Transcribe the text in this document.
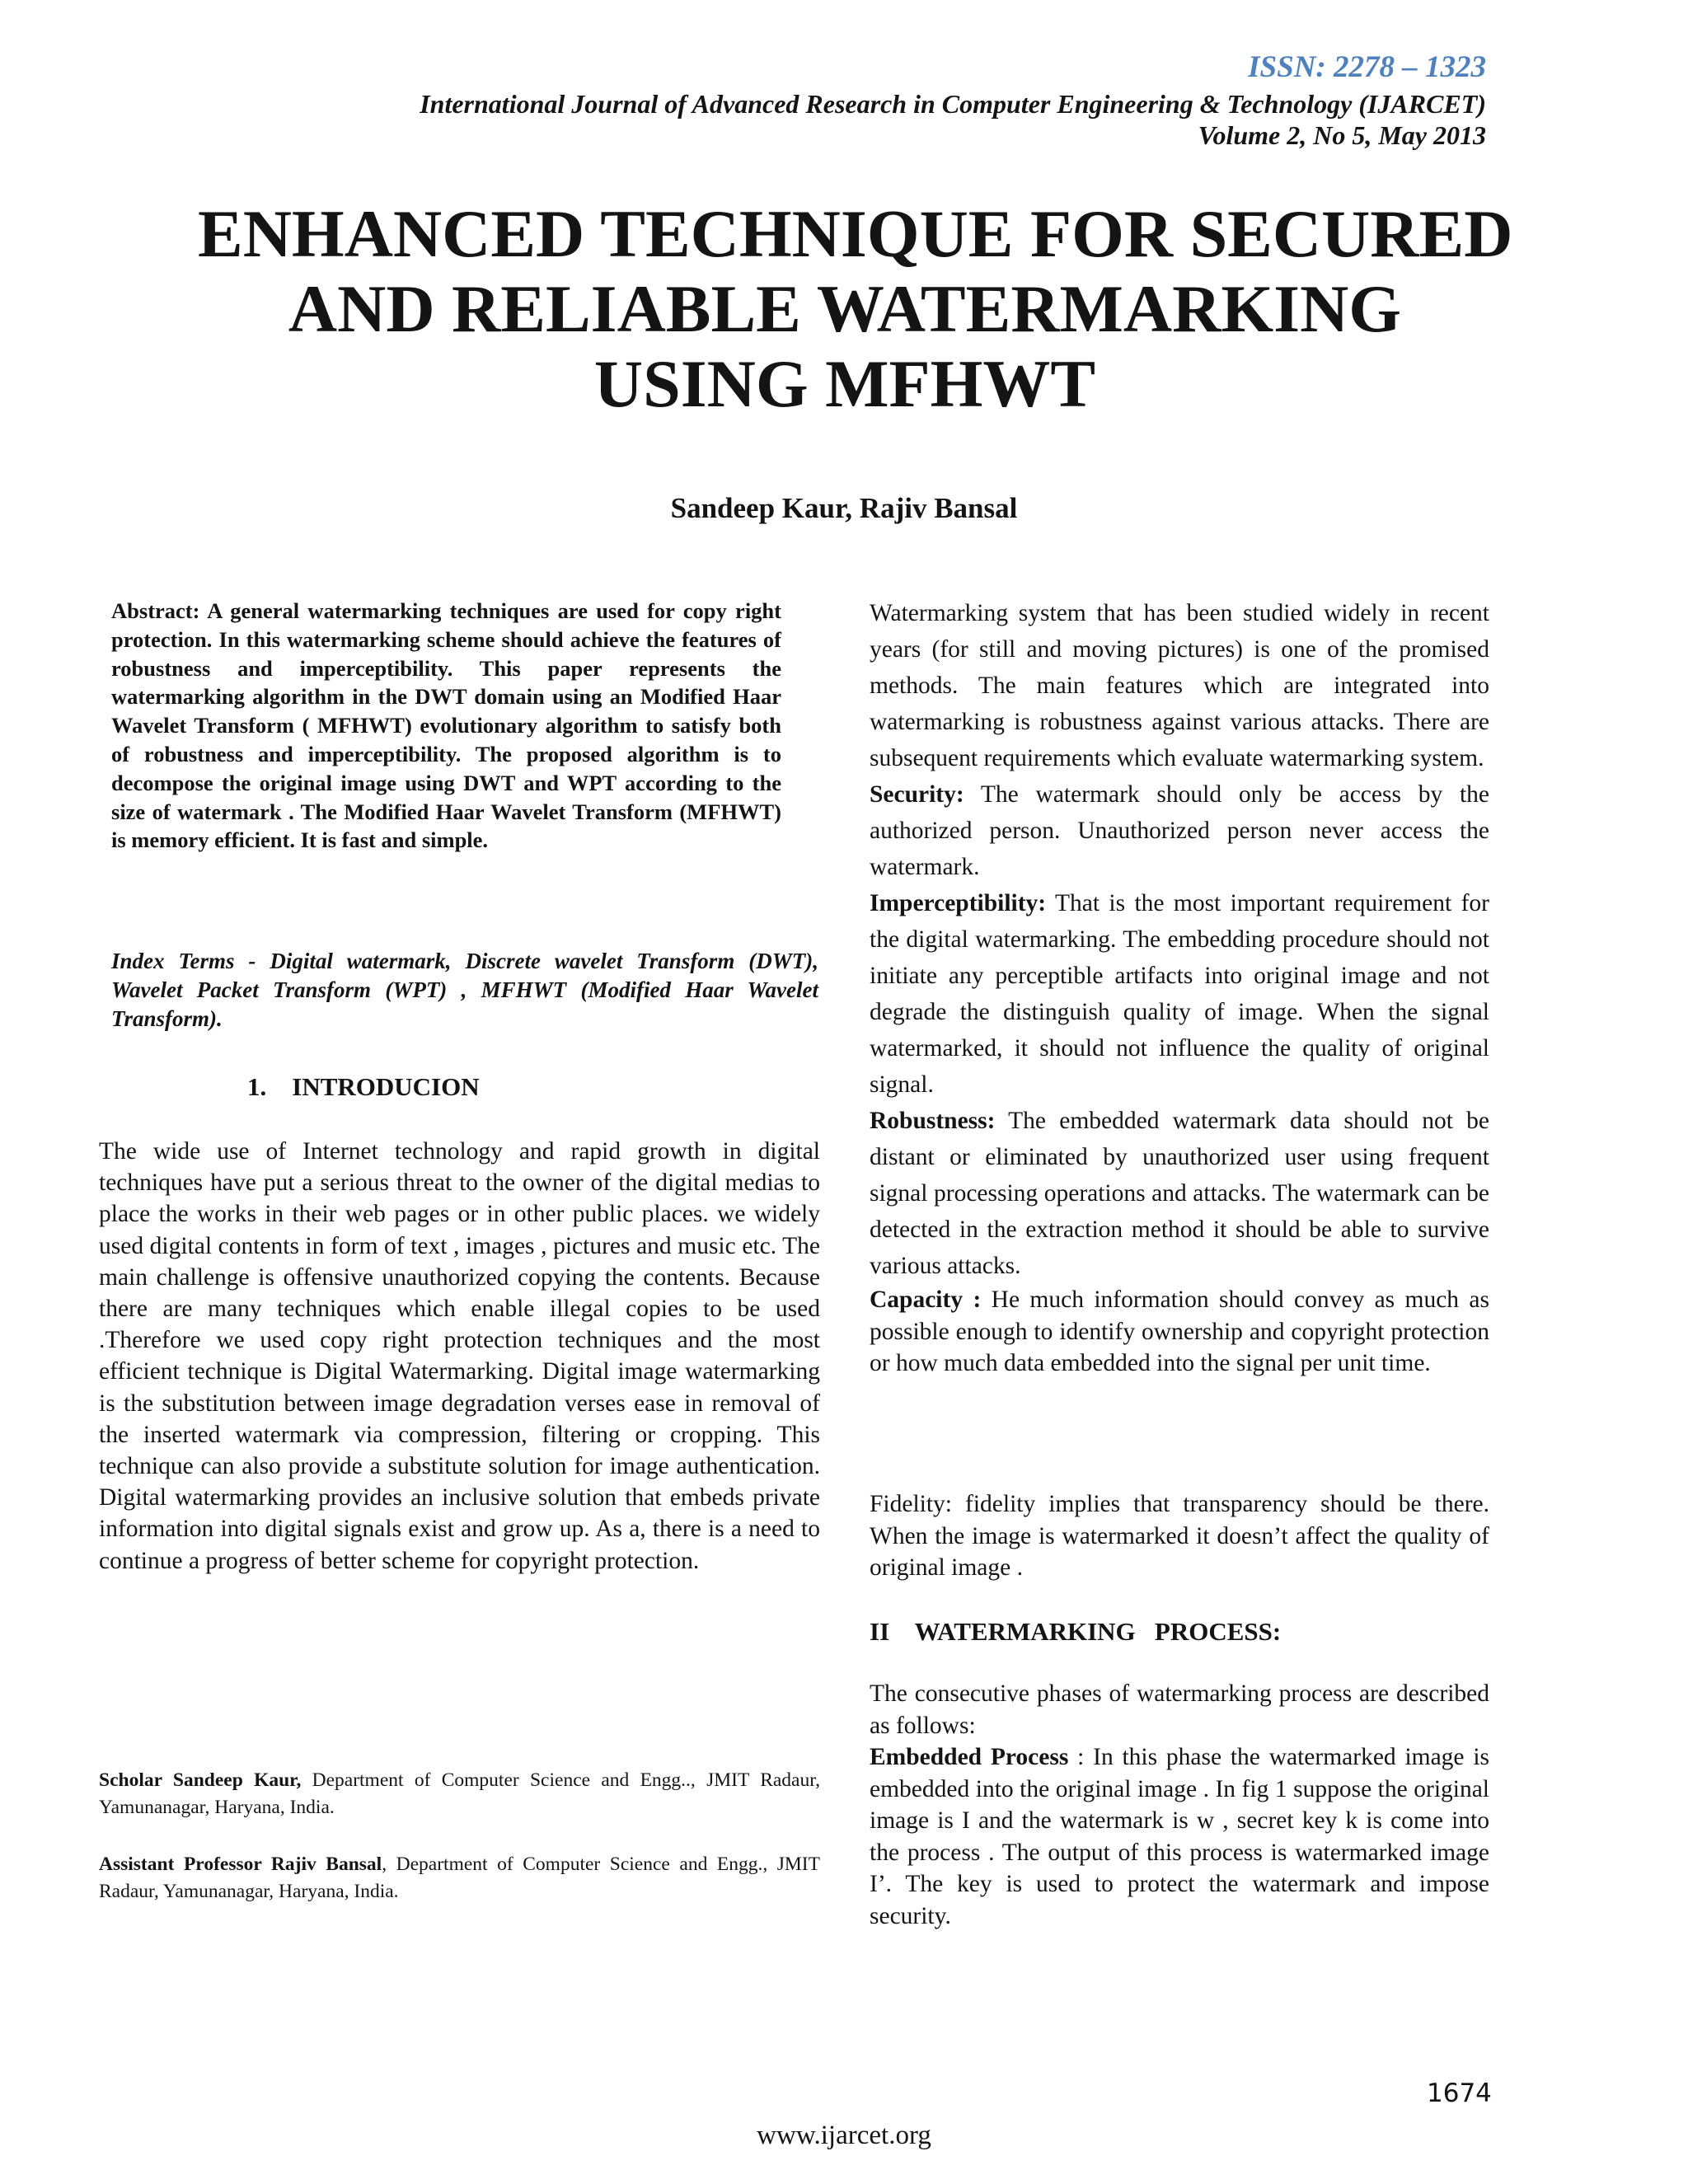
ISSN: 2278 – 1323
International Journal of Advanced Research in Computer Engineering & Technology (IJARCET)
Volume 2, No 5, May 2013
ENHANCED TECHNIQUE FOR SECURED
AND RELIABLE WATERMARKING
USING MFHWT
Sandeep Kaur, Rajiv Bansal
Abstract: A general watermarking techniques are used for copy right protection. In this watermarking scheme should achieve the features of robustness and imperceptibility. This paper represents the watermarking algorithm in the DWT domain using an Modified Haar Wavelet Transform ( MFHWT) evolutionary algorithm to satisfy both of robustness and imperceptibility. The proposed algorithm is to decompose the original image using DWT and WPT according to the size of watermark . The Modified Haar Wavelet Transform (MFHWT) is memory efficient. It is fast and simple.
Index Terms - Digital watermark, Discrete wavelet Transform (DWT), Wavelet Packet Transform (WPT) , MFHWT (Modified Haar Wavelet Transform).
1.    INTRODUCION
The wide use of Internet technology and rapid growth in digital techniques have put a serious threat to the owner of the digital medias to place the works in their web pages or in other public places. we widely used digital contents in form of text , images , pictures and music etc. The main challenge is offensive unauthorized copying the contents. Because there are many techniques which enable illegal copies to be used .Therefore we used copy right protection techniques and the most efficient technique is Digital Watermarking. Digital image watermarking is the substitution between image degradation verses ease in removal of the inserted watermark via compression, filtering or cropping. This technique can also provide a substitute solution for image authentication. Digital watermarking provides an inclusive solution that embeds private information into digital signals exist and grow up. As a, there is a need to continue a progress of better scheme for copyright protection.
Scholar Sandeep Kaur, Department of Computer Science and Engg.., JMIT Radaur, Yamunanagar, Haryana, India.
Assistant Professor Rajiv Bansal, Department of Computer Science and Engg., JMIT Radaur, Yamunanagar, Haryana, India.

Watermarking system that has been studied widely in recent years (for still and moving pictures) is one of the promised methods. The main features which are integrated into watermarking is robustness against various attacks. There are subsequent requirements which evaluate watermarking system.

Security: The watermark should only be access by the authorized person. Unauthorized person never access the watermark.

Imperceptibility: That is the most important requirement for the digital watermarking. The embedding procedure should not initiate any perceptible artifacts into original image and not degrade the distinguish quality of image. When the signal watermarked, it should not influence the quality of original signal.

Robustness: The embedded watermark data should not be distant or eliminated by unauthorized user using frequent signal processing operations and attacks. The watermark can be detected in the extraction method it should be able to survive various attacks.

Capacity : He much information should convey as much as possible enough to identify ownership and copyright protection or how much data embedded into the signal per unit time.

Fidelity: fidelity implies that transparency should be there. When the image is watermarked it doesn’t affect the quality of original image .
II    WATERMARKING   PROCESS:
The consecutive phases of watermarking process are described as follows:
Embedded Process : In this phase the watermarked image is embedded into the original image . In fig 1 suppose the original image is I and the watermark is w , secret key k is come into the process . The output of this process is watermarked image I’. The key is used to protect the watermark and impose security.
1674
www.ijarcet.org
